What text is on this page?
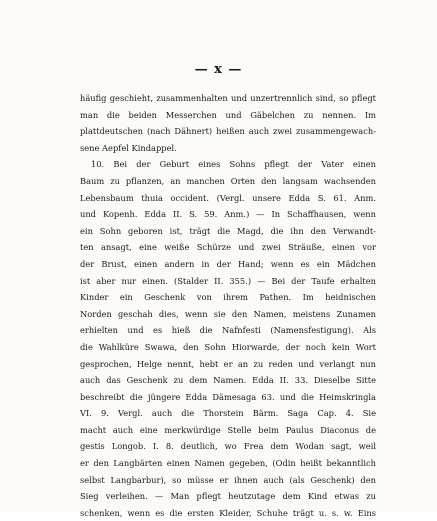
— x —
häufig geschieht, zusammenhalten und unzertrennlich sind, so pflegt
man die beiden Messerchen und Gäbelchen zu nennen. Im
plattdeutschen (nach Dähnert) heißen auch zwei zusammengewach-
sene Aepfel Kindappel.
10. Bei der Geburt eines Sohns pflegt der Vater einen
Baum zu pflanzen, an manchen Orten den langsam wachsenden
Lebensbaum thuia occident. (Vergl. unsere Edda S. 61. Anm.
und Kopenh. Edda II. S. 59. Anm.) — In Schaffhausen, wenn
ein Sohn geboren ist, trägt die Magd, die ihn den Verwandt-
ten ansagt, eine weiße Schürze und zwei Sträuße, einen vor
der Brust, einen andern in der Hand; wenn es ein Mädchen
ist aber nur einen. (Stalder II. 355.) — Bei der Taufe erhalten
Kinder ein Geschenk von ihrem Pathen. Im heidnischen
Norden geschah dies, wenn sie den Namen, meistens Zunamen
erhielten und es hieß die Nafnfesti (Namensfestigung). Als
die Wahlküre Swawa, den Sohn Hiorwarde, der noch kein Wort
gesprochen, Helge nennt, hebt er an zu reden und verlangt nun
auch das Geschenk zu dem Namen. Edda II. 33. Dieselbe Sitte
beschreibt die jüngere Edda Dämesaga 63. und die Heimskringla
VI. 9. Vergl. auch die Thorstein Bärm. Saga Cap. 4. Sie
macht auch eine merkwürdige Stelle beim Paulus Diaconus de
gestis Longob. I. 8. deutlich, wo Frea dem Wodan sagt, weil
er den Langbärten einen Namen gegeben, (Odin heißt bekanntlich
selbst Langbarbur), so müsse er ihnen auch (als Geschenk) den
Sieg verleihen. — Man pflegt heutzutage dem Kind etwas zu
schenken, wenn es die ersten Kleider, Schuhe trägt u. s. w. Eins
